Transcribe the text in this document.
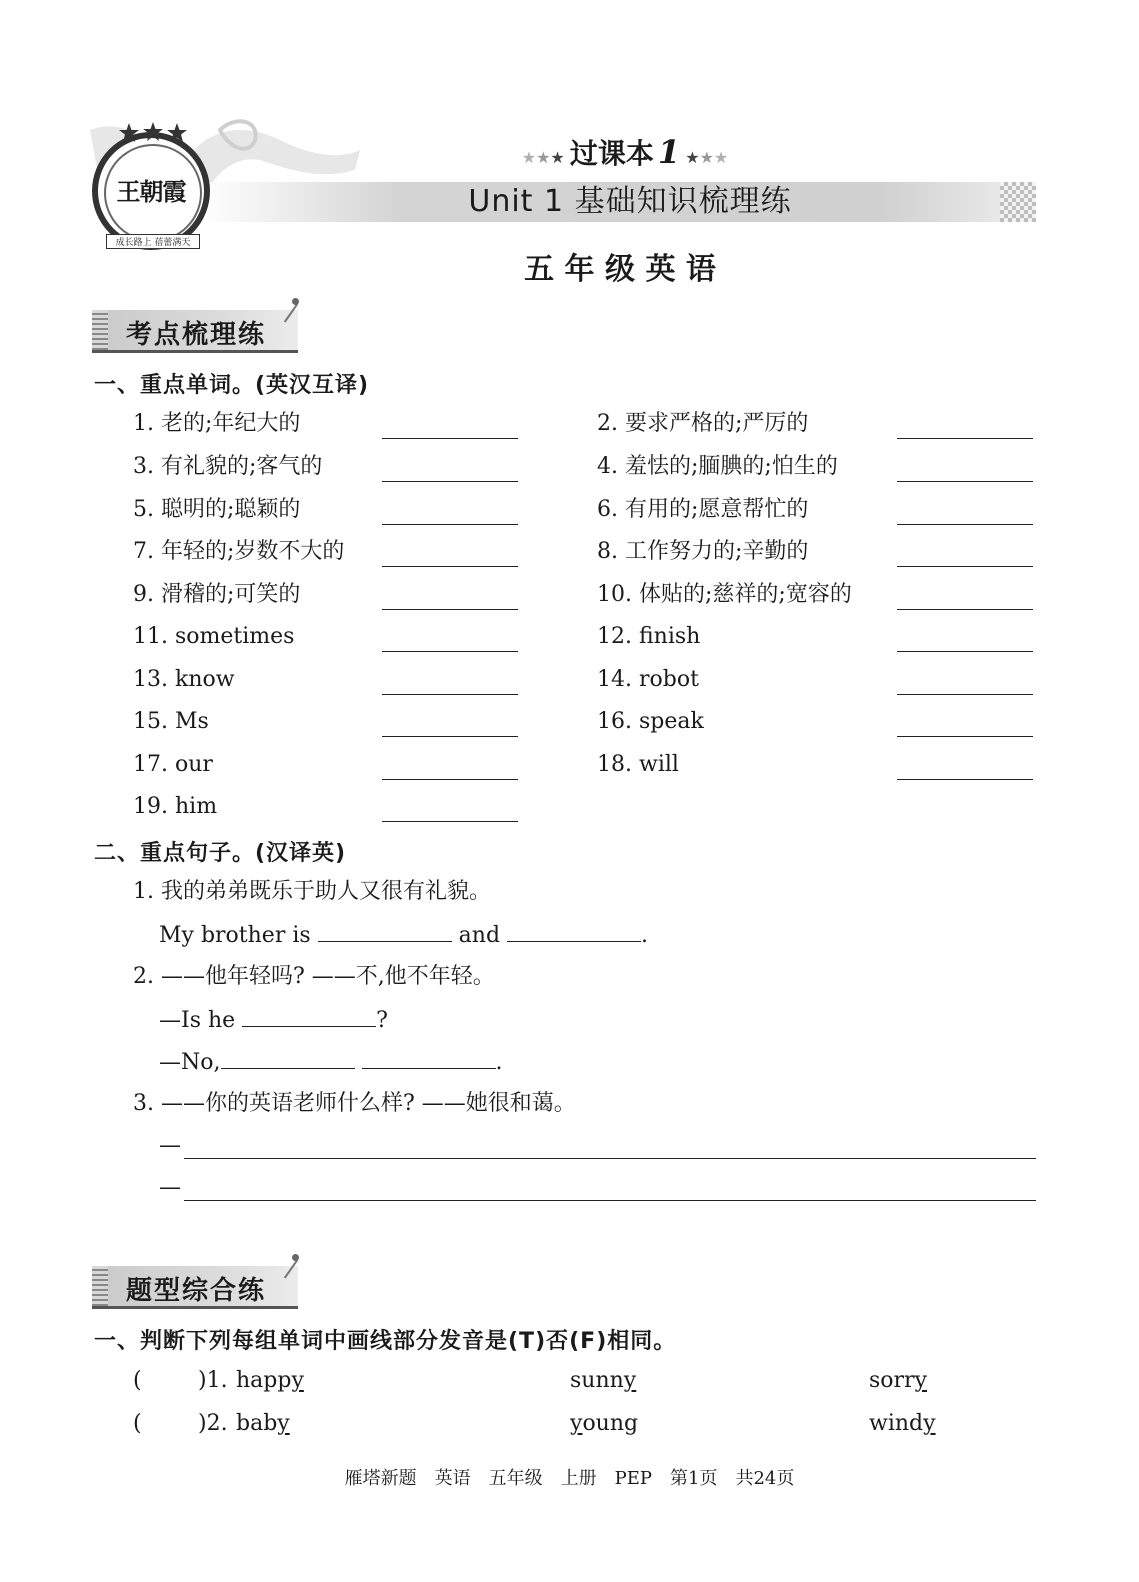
王朝霞
成长路上 蓓蕾满天
★★★ 过课本 1 ★★★
Unit 1 基础知识梳理练
五 年 级 英 语
考点梳理练
一、重点单词。(英汉互译)
1. 老的;年纪大的
3. 有礼貌的;客气的
5. 聪明的;聪颖的
7. 年轻的;岁数不大的
9. 滑稽的;可笑的
11. sometimes
13. know
15. Ms
17. our
19. him
2. 要求严格的;严厉的
4. 羞怯的;腼腆的;怕生的
6. 有用的;愿意帮忙的
8. 工作努力的;辛勤的
10. 体贴的;慈祥的;宽容的
12. finish
14. robot
16. speak
18. will
二、重点句子。(汉译英)
1. 我的弟弟既乐于助人又很有礼貌。
My brother is	and	.
2. ——他年轻吗? ——不,他不年轻。
—Is he	?
—No,	.
3. ——你的英语老师什么样? ——她很和蔼。
—
—
题型综合练
一、判断下列每组单词中画线部分发音是(T)否(F)相同。
(	)1. happy	sunny	sorry
(	)2. baby	young	windy
雁塔新题　英语　五年级　上册　PEP　第1页　共24页
